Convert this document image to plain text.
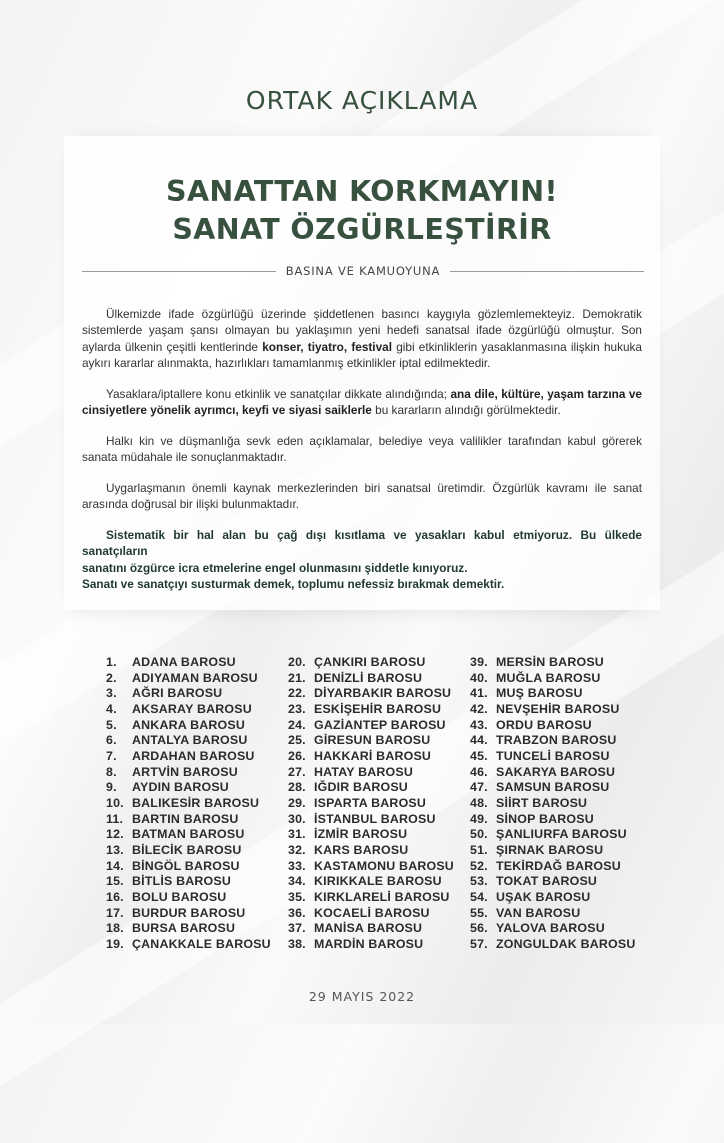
ORTAK AÇIKLAMA
SANATTAN KORKMAYIN!
SANAT ÖZGÜRLEŞTİRİR
BASINA VE KAMUOYUNA

Ülkemizde ifade özgürlüğü üzerinde şiddetlenen basıncı kaygıyla gözlemlemekteyiz. Demokratik sistemlerde yaşam şansı olmayan bu yaklaşımın yeni hedefi sanatsal ifade özgürlüğü olmuştur. Son aylarda ülkenin çeşitli kentlerinde konser, tiyatro, festival gibi etkinliklerin yasaklanmasına ilişkin hukuka aykırı kararlar alınmakta, hazırlıkları tamamlanmış etkinlikler iptal edilmektedir.

Yasaklara/iptallere konu etkinlik ve sanatçılar dikkate alındığında; ana dile, kültüre, yaşam tarzına ve cinsiyetlere yönelik ayrımcı, keyfi ve siyasi saiklerle bu kararların alındığı görülmektedir.

Halkı kin ve düşmanlığa sevk eden açıklamalar, belediye veya valilikler tarafından kabul görerek sanata müdahale ile sonuçlanmaktadır.

Uygarlaşmanın önemli kaynak merkezlerinden biri sanatsal üretimdir. Özgürlük kavramı ile sanat arasında doğrusal bir ilişki bulunmaktadır.

Sistematik bir hal alan bu çağ dışı kısıtlama ve yasakları kabul etmiyoruz. Bu ülkede sanatçıların
sanatını özgürce icra etmelerine engel olunmasını şiddetle kınıyoruz.
Sanatı ve sanatçıyı susturmak demek, toplumu nefessiz bırakmak demektir.
1. ADANA BAROSU
2. ADIYAMAN BAROSU
3. AĞRI BAROSU
4. AKSARAY BAROSU
5. ANKARA BAROSU
6. ANTALYA BAROSU
7. ARDAHAN BAROSU
8. ARTVİN BAROSU
9. AYDIN BAROSU
10. BALIKESİR BAROSU
11. BARTIN BAROSU
12. BATMAN BAROSU
13. BİLECİK BAROSU
14. BİNGÖL BAROSU
15. BİTLİS BAROSU
16. BOLU BAROSU
17. BURDUR BAROSU
18. BURSA BAROSU
19. ÇANAKKALE BAROSU
20. ÇANKIRI BAROSU
21. DENİZLİ BAROSU
22. DİYARBAKIR BAROSU
23. ESKİŞEHİR BAROSU
24. GAZİANTEP BAROSU
25. GİRESUN BAROSU
26. HAKKARİ BAROSU
27. HATAY BAROSU
28. IĞDIR BAROSU
29. ISPARTA BAROSU
30. İSTANBUL BAROSU
31. İZMİR BAROSU
32. KARS BAROSU
33. KASTAMONU BAROSU
34. KIRIKKALE BAROSU
35. KIRKLARELİ BAROSU
36. KOCAELİ BAROSU
37. MANİSA BAROSU
38. MARDİN BAROSU
39. MERSİN BAROSU
40. MUĞLA BAROSU
41. MUŞ BAROSU
42. NEVŞEHİR BAROSU
43. ORDU BAROSU
44. TRABZON BAROSU
45. TUNCELİ BAROSU
46. SAKARYA BAROSU
47. SAMSUN BAROSU
48. SİİRT BAROSU
49. SİNOP BAROSU
50. ŞANLIURFA BAROSU
51. ŞIRNAK BAROSU
52. TEKİRDAĞ BAROSU
53. TOKAT BAROSU
54. UŞAK BAROSU
55. VAN BAROSU
56. YALOVA BAROSU
57. ZONGULDAK BAROSU
29 MAYIS 2022
